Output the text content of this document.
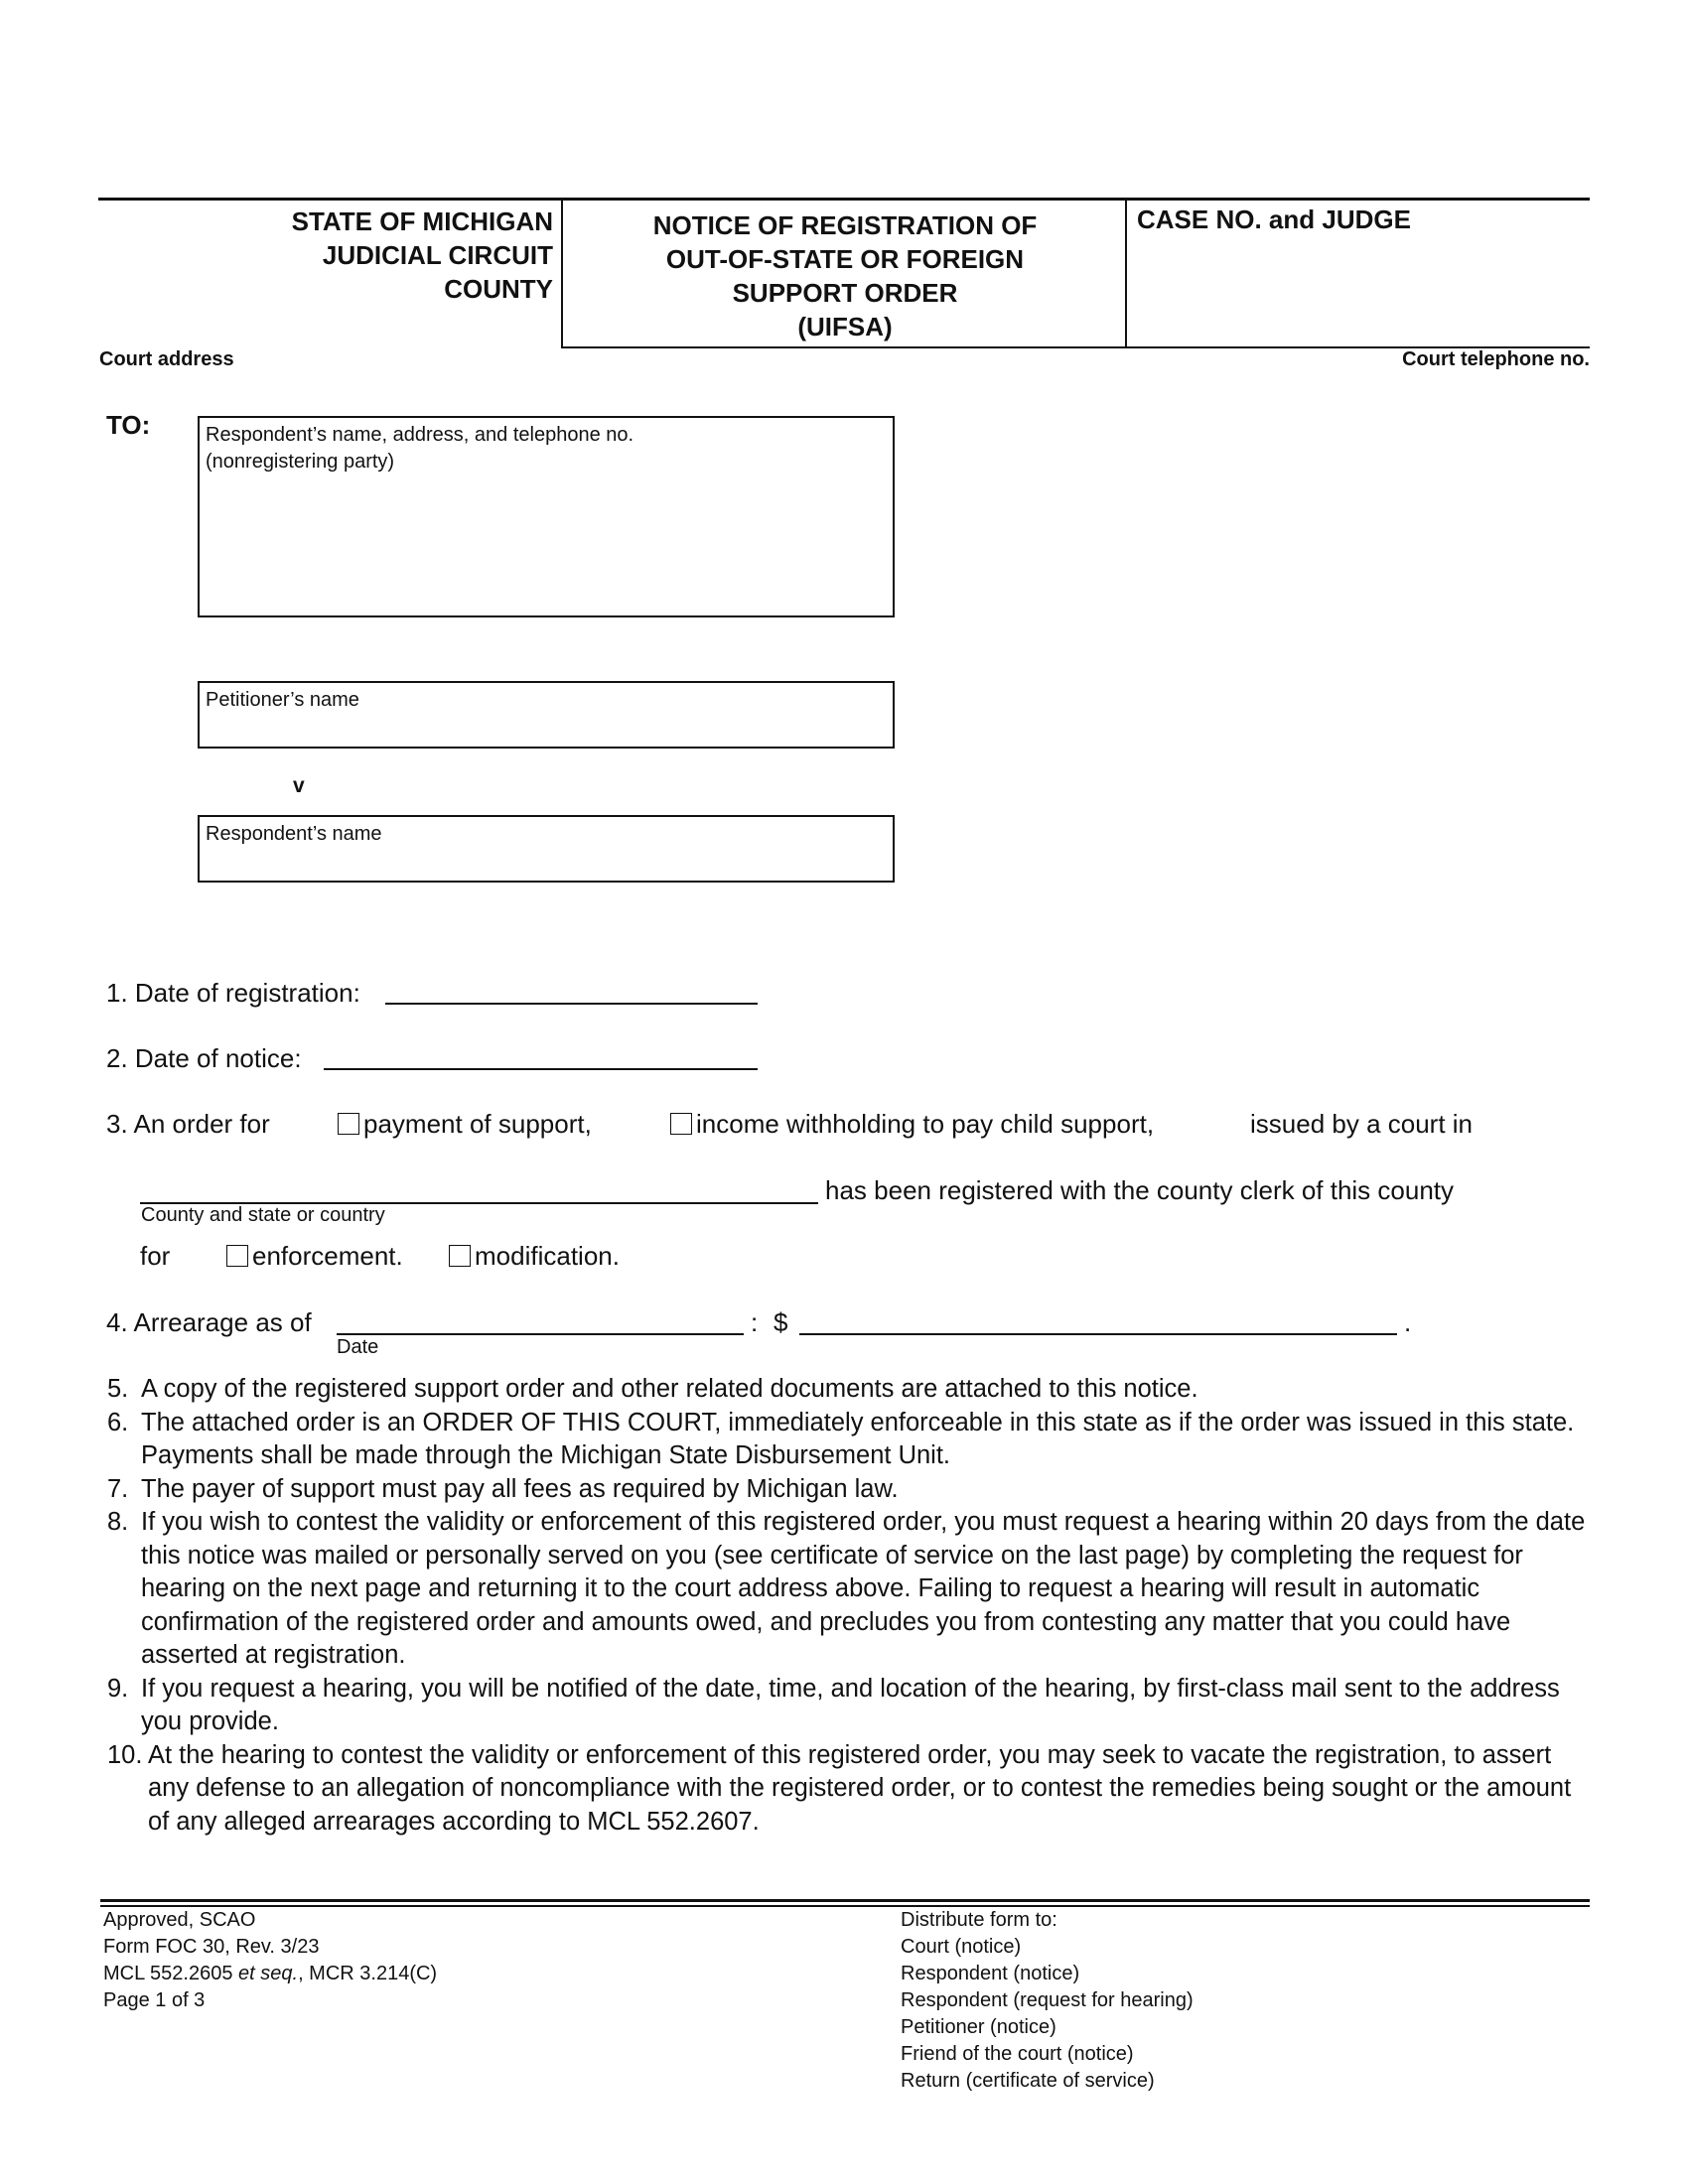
STATE OF MICHIGAN
JUDICIAL CIRCUIT
COUNTY
NOTICE OF REGISTRATION OF
OUT-OF-STATE OR FOREIGN
SUPPORT ORDER
(UIFSA)
CASE NO. and JUDGE
Court address	Court telephone no.
TO:	Respondent’s name, address, and telephone no.
(nonregistering party)
Petitioner’s name
v
Respondent’s name
1. Date of registration:
2. Date of notice:
3. An order for	payment of support,	income withholding to pay child support,	issued by a court in
has been registered with the county clerk of this county
County and state or country
for	enforcement.	modification.
4. Arrearage as of
Date
: $	.
5. A copy of the registered support order and other related documents are attached to this notice.
6. The attached order is an ORDER OF THIS COURT, immediately enforceable in this state as if the order was issued in this state. Payments shall be made through the Michigan State Disbursement Unit.
7. The payer of support must pay all fees as required by Michigan law.
8. If you wish to contest the validity or enforcement of this registered order, you must request a hearing within 20 days from the date this notice was mailed or personally served on you (see certificate of service on the last page) by completing the request for hearing on the next page and returning it to the court address above. Failing to request a hearing will result in automatic confirmation of the registered order and amounts owed, and precludes you from contesting any matter that you could have asserted at registration.
9. If you request a hearing, you will be notified of the date, time, and location of the hearing, by first-class mail sent to the address you provide.
10. At the hearing to contest the validity or enforcement of this registered order, you may seek to vacate the registration, to assert any defense to an allegation of noncompliance with the registered order, or to contest the remedies being sought or the amount of any alleged arrearages according to MCL 552.2607.
Approved, SCAO
Form FOC 30, Rev. 3/23
MCL 552.2605 et seq., MCR 3.214(C)
Page 1 of 3
Distribute form to:
Court (notice)
Respondent (notice)
Respondent (request for hearing)
Petitioner (notice)
Friend of the court (notice)
Return (certificate of service)
